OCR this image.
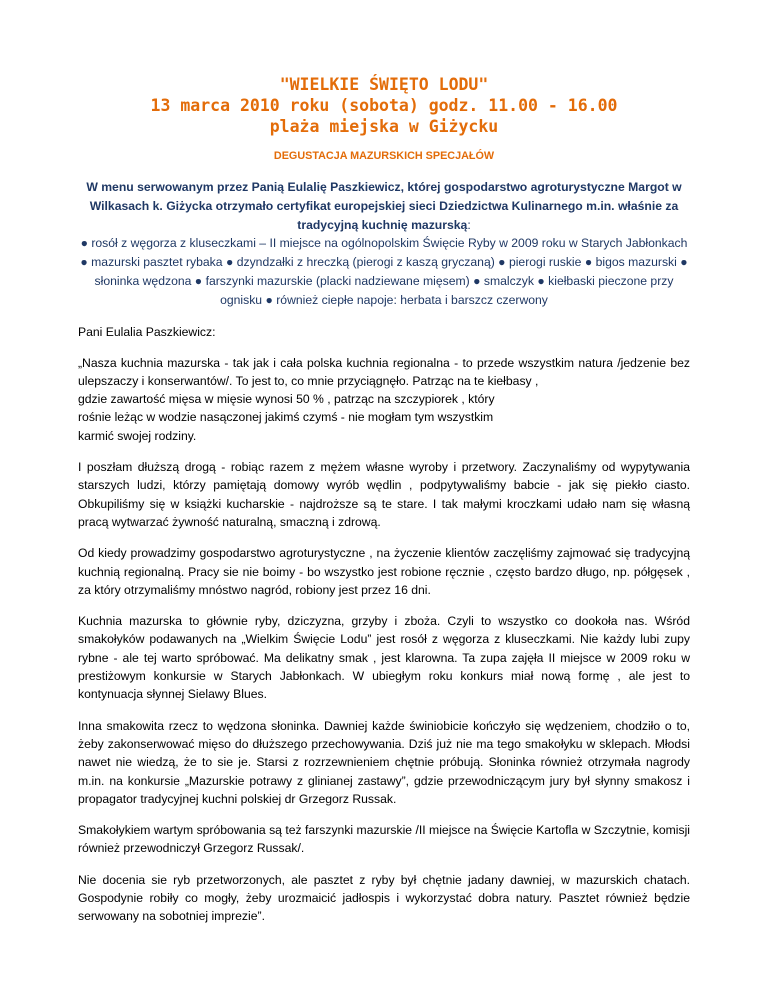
"WIELKIE ŚWIĘTO LODU"
13 marca 2010 roku (sobota) godz. 11.00 - 16.00
plaża miejska w Giżycku
DEGUSTACJA MAZURSKICH SPECJAŁÓW
W menu serwowanym przez Panią Eulalię Paszkiewicz, której gospodarstwo agroturystyczne Margot w Wilkasach k. Giżycka otrzymało certyfikat europejskiej sieci Dziedzictwa Kulinarnego m.in. właśnie za tradycyjną kuchnię mazurską:
● rosół z węgorza z kluseczkami – II miejsce na ogólnopolskim Święcie Ryby w 2009 roku w Starych Jabłonkach ● mazurski pasztet rybaka ● dzyndzałki z hreczką (pierogi z kaszą gryczaną) ● pierogi ruskie ● bigos mazurski ● słoninka wędzona ● farszynki mazurskie (placki nadziewane mięsem) ● smalczyk ● kiełbaski pieczone przy ognisku ● również ciepłe napoje: herbata i barszcz czerwony
Pani Eulalia Paszkiewicz:
„Nasza kuchnia mazurska - tak jak i cała polska kuchnia regionalna - to przede wszystkim natura /jedzenie bez ulepszaczy i konserwantów/. To jest to, co mnie przyciągnęło. Patrząc na te kiełbasy ,
gdzie zawartość mięsa w mięsie wynosi 50 % , patrząc na szczypiorek , który
rośnie leżąc w wodzie nasączonej jakimś czymś - nie mogłam tym wszystkim
karmić swojej rodziny.
I poszłam dłuższą drogą - robiąc razem z mężem własne wyroby i przetwory. Zaczynaliśmy od wypytywania starszych ludzi, którzy pamiętają domowy wyrób wędlin , podpytywaliśmy babcie - jak się piekło ciasto. Obkupiliśmy się w książki kucharskie - najdroższe są te stare. I tak małymi kroczkami udało nam się własną pracą wytwarzać żywność naturalną, smaczną i zdrową.
Od kiedy prowadzimy gospodarstwo agroturystyczne , na życzenie klientów zaczęliśmy zajmować się tradycyjną kuchnią regionalną. Pracy sie nie boimy - bo wszystko jest robione ręcznie , często bardzo długo, np. półgęsek , za który otrzymaliśmy mnóstwo nagród, robiony jest przez 16 dni.
Kuchnia mazurska to głównie ryby, dziczyzna, grzyby i zboża. Czyli to wszystko co dookoła nas. Wśród smakołyków podawanych na „Wielkim Święcie Lodu” jest rosół z węgorza z kluseczkami. Nie każdy lubi zupy rybne - ale tej warto spróbować. Ma delikatny smak , jest klarowna. Ta zupa zajęła II miejsce w 2009 roku w prestiżowym konkursie w Starych Jabłonkach. W ubiegłym roku konkurs miał nową formę , ale jest to kontynuacja słynnej Sielawy Blues.
Inna smakowita rzecz to wędzona słoninka. Dawniej każde świniobicie kończyło się wędzeniem, chodziło o to, żeby zakonserwować mięso do dłuższego przechowywania. Dziś już nie ma tego smakołyku w sklepach. Młodsi nawet nie wiedzą, że to sie je. Starsi z rozrzewnieniem chętnie próbują. Słoninka również otrzymała nagrody m.in. na konkursie „Mazurskie potrawy z glinianej zastawy”, gdzie przewodniczącym jury był słynny smakosz i propagator tradycyjnej kuchni polskiej dr Grzegorz Russak.
Smakołykiem wartym spróbowania są też farszynki mazurskie /II miejsce na Święcie Kartofla w Szczytnie, komisji również przewodniczył Grzegorz Russak/.
Nie docenia sie ryb przetworzonych, ale pasztet z ryby był chętnie jadany dawniej, w mazurskich chatach. Gospodynie robiły co mogły, żeby urozmaicić jadłospis i wykorzystać dobra natury. Pasztet również będzie serwowany na sobotniej imprezie”.
